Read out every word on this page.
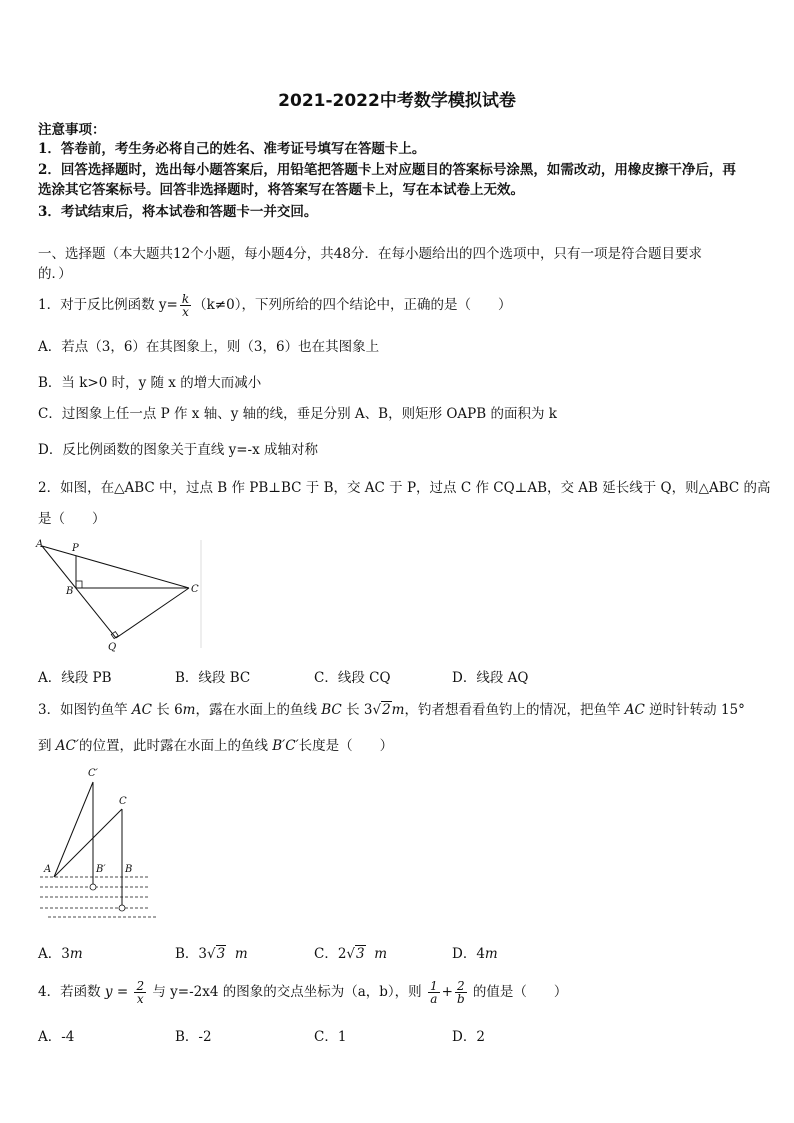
2021-2022中考数学模拟试卷
注意事项：
1．答卷前，考生务必将自己的姓名、准考证号填写在答题卡上。
2．回答选择题时，选出每小题答案后，用铅笔把答题卡上对应题目的答案标号涂黑，如需改动，用橡皮擦干净后，再
选涂其它答案标号。回答非选择题时，将答案写在答题卡上，写在本试卷上无效。
3．考试结束后，将本试卷和答题卡一并交回。
一、选择题（本大题共12个小题，每小题4分，共48分．在每小题给出的四个选项中，只有一项是符合题目要求
的．）
1．对于反比例函数 $y= \frac{k}{x} (k\ne 0)$，下列所给的四个结论中，正确的是（　　）
A．若点（3，6）在其图象上，则（3，6）也在其图象上
B．当 k>0 时，y 随 x 的增大而减小
C．过图象上任一点 P 作 x 轴、y 轴的线，垂足分别 A、B，则矩形 OAPB 的面积为 k
D．反比例函数的图象关于直线 y=-x 成轴对称
2．如图，在△ABC 中，过点 B 作 PB⊥BC 于 B，交 AC 于 P，过点 C 作 CQ⊥AB，交 AB 延长线于 Q，则△ABC 的高
是（　　）
A	P
B	C
Q
A．线段 PB	B．线段 BC	C．线段 CQ	D．线段 AQ
3．如图钓鱼竿 AC 长 6m，露在水面上的鱼线 BC 长 3√2m，钓者想看看鱼钓上的情况，把鱼竿 AC 逆时针转动 15°
到 AC′的位置，此时露在水面上的鱼线 B′C′长度是（　　）
C′
C
A	B′ B
A．3m	B．3√3 m	C．2√3 m	D．4m
4．若函数 $y = \frac{2}{x}$ 与 y=-2x4 的图象的交点坐标为（a，b），则 $\frac{1}{a} + \frac{2}{b}$ 的值是（　　）
A．-4	B．-2	C．1	D．2
